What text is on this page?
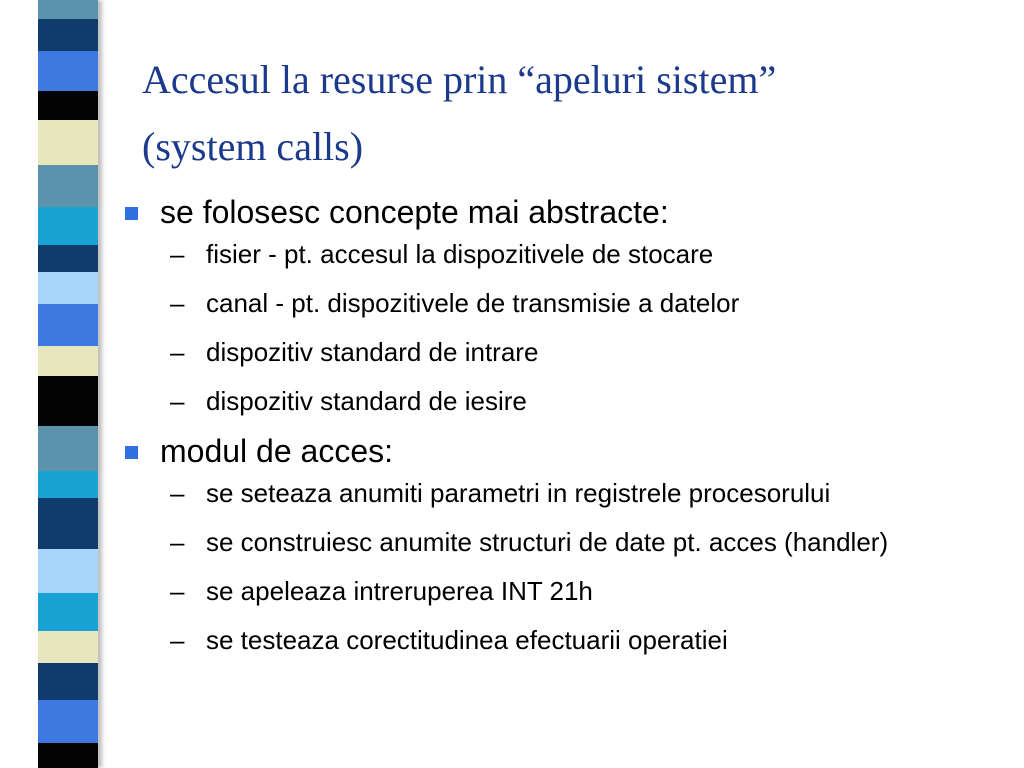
Accesul la resurse prin “apeluri sistem”
(system calls)
se folosesc concepte mai abstracte:
– fisier - pt. accesul la dispozitivele de stocare
– canal - pt. dispozitivele de transmisie a datelor
– dispozitiv standard de intrare
– dispozitiv standard de iesire
modul de acces:
– se seteaza anumiti parametri in registrele procesorului
– se construiesc anumite structuri de date pt. acces (handler)
– se apeleaza intreruperea INT 21h
– se testeaza corectitudinea efectuarii operatiei
